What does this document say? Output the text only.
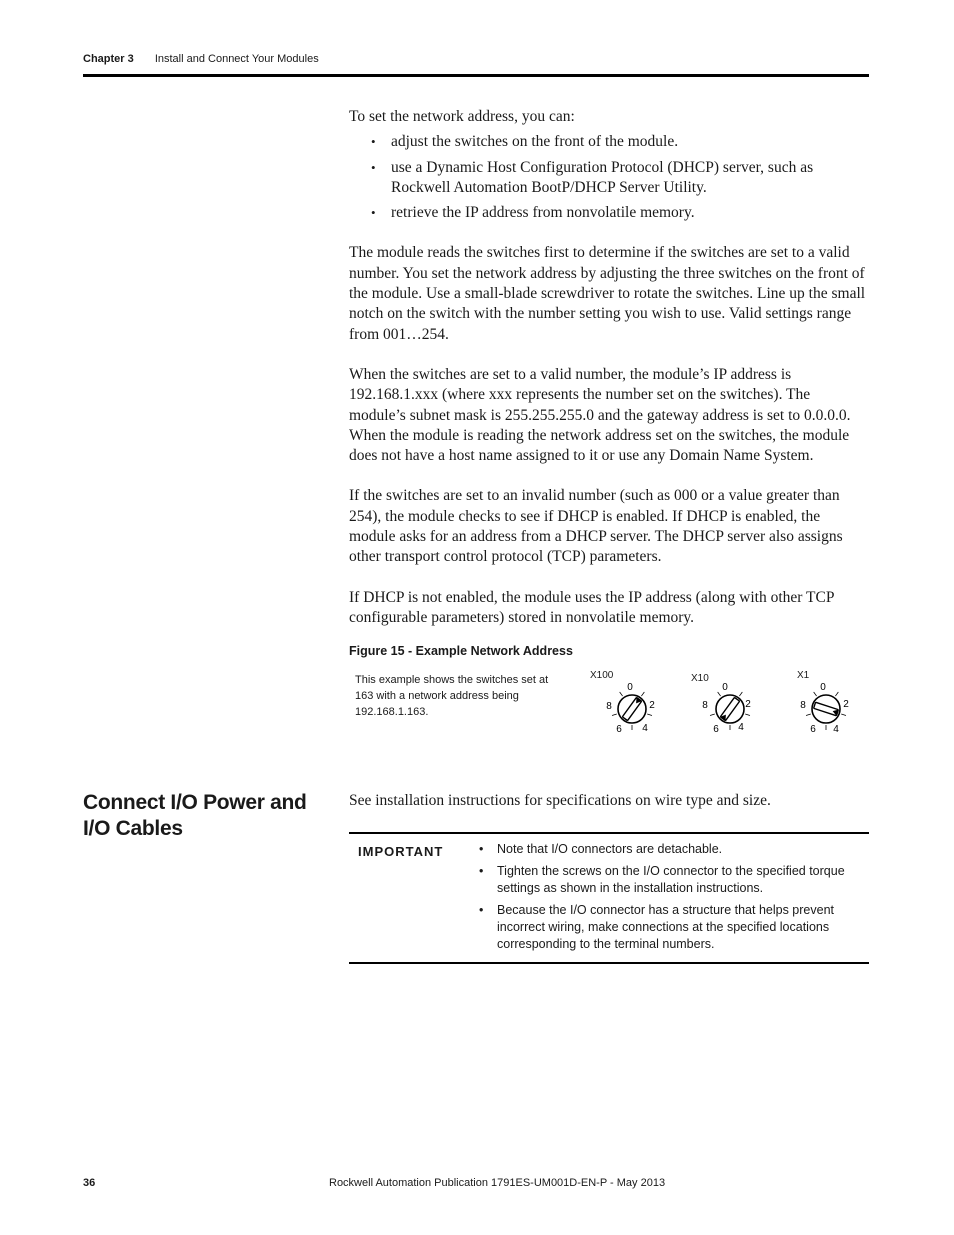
Chapter 3 Install and Connect Your Modules

To set the network address, you can:

• adjust the switches on the front of the module.
• use a Dynamic Host Configuration Protocol (DHCP) server, such as Rockwell Automation BootP/DHCP Server Utility.
• retrieve the IP address from nonvolatile memory.

The module reads the switches first to determine if the switches are set to a valid number. You set the network address by adjusting the three switches on the front of the module. Use a small-blade screwdriver to rotate the switches. Line up the small notch on the switch with the number setting you wish to use. Valid settings range from 001…254.

When the switches are set to a valid number, the module’s IP address is 192.168.1.xxx (where xxx represents the number set on the switches). The module’s subnet mask is 255.255.255.0 and the gateway address is set to 0.0.0.0. When the module is reading the network address set on the switches, the module does not have a host name assigned to it or use any Domain Name System.

If the switches are set to an invalid number (such as 000 or a value greater than 254), the module checks to see if DHCP is enabled. If DHCP is enabled, the module asks for an address from a DHCP server. The DHCP server also assigns other transport control protocol (TCP) parameters.

If DHCP is not enabled, the module uses the IP address (along with other TCP configurable parameters) stored in nonvolatile memory.

Figure 15 - Example Network Address
This example shows the switches set at 163 with a network address being 192.168.1.163.
X100	X10	X1
0
2
4
6
8
0
2
4
6
8
0
2
4
6
8
Connect I/O Power and I/O Cables
See installation instructions for specifications on wire type and size.
IMPORTANT
•	Note that I/O connectors are detachable.
• Tighten the screws on the I/O connector to the specified torque settings as shown in the installation instructions.
• Because the I/O connector has a structure that helps prevent incorrect wiring, make connections at the specified locations corresponding to the terminal numbers.
36	Rockwell Automation Publication 1791ES-UM001D-EN-P - May 2013
